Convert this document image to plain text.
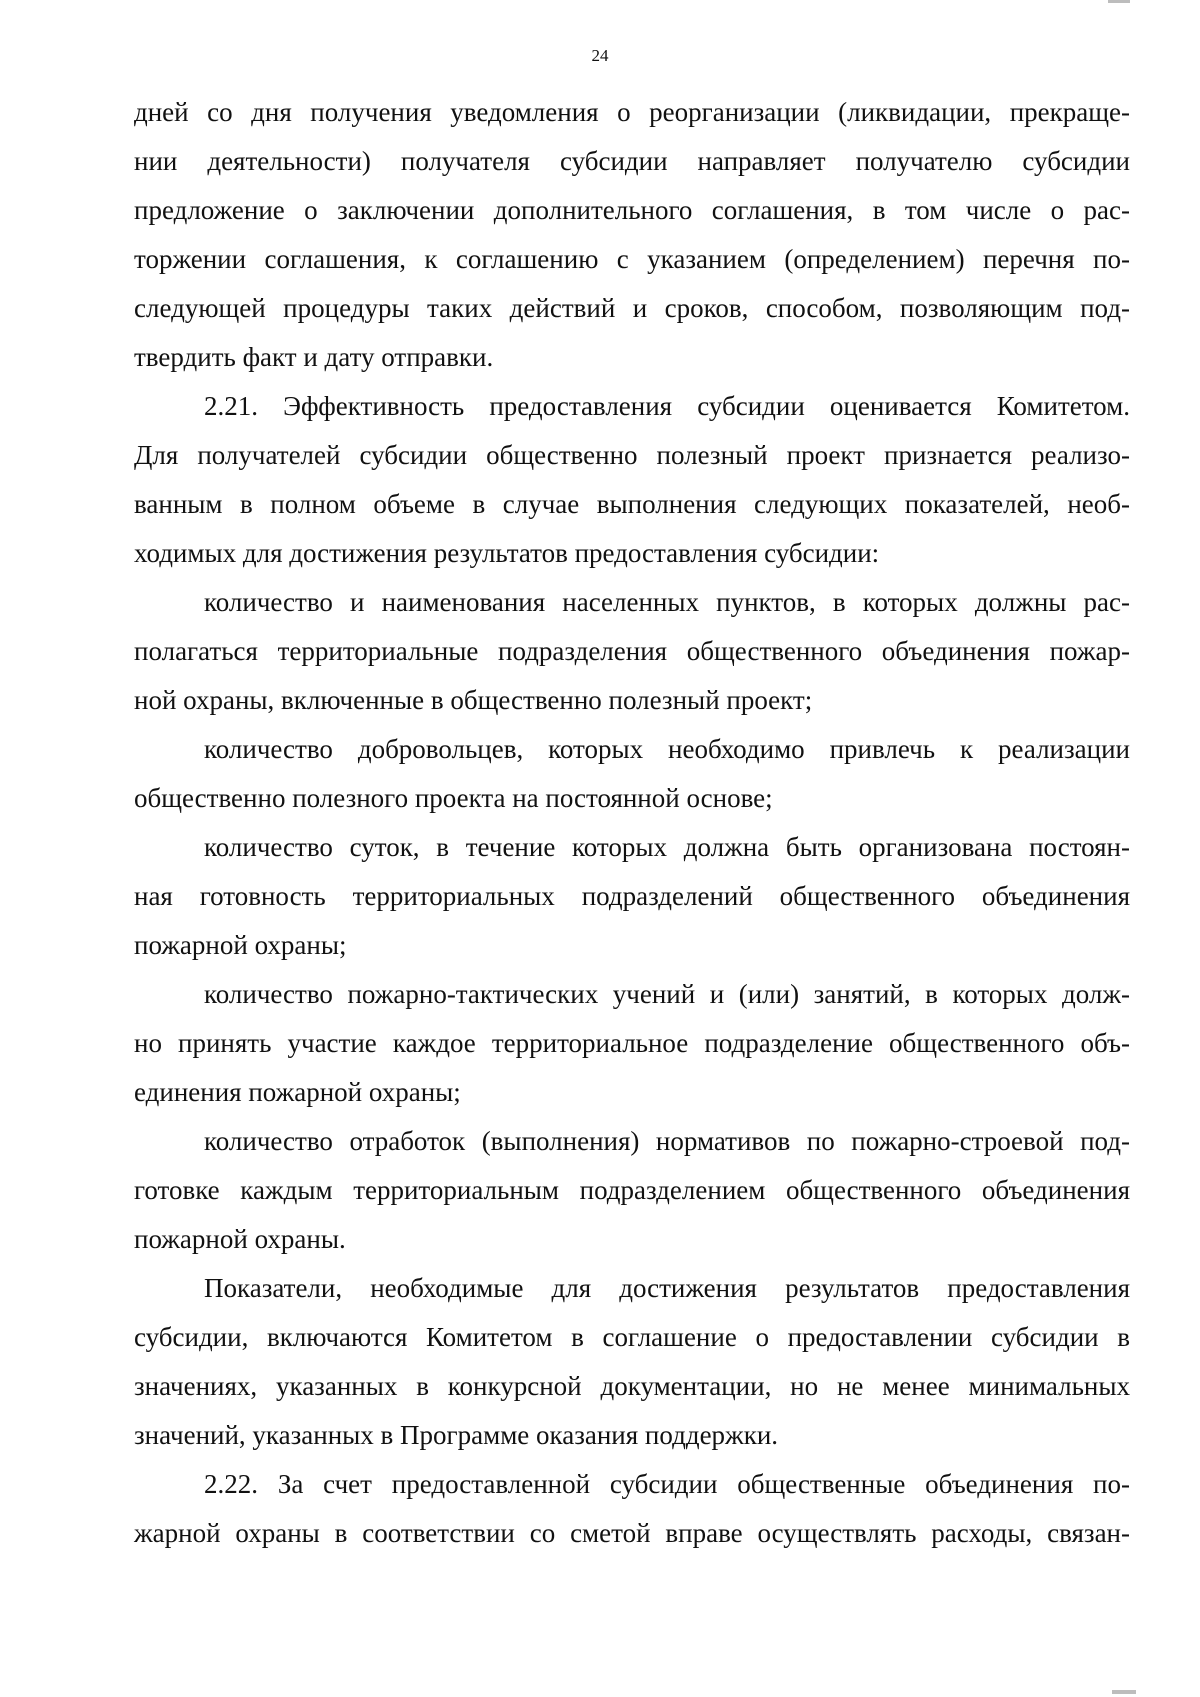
24
дней со дня получения уведомления о реорганизации (ликвидации, прекраще-
нии деятельности) получателя субсидии направляет получателю субсидии
предложение о заключении дополнительного соглашения, в том числе о рас-
торжении соглашения, к соглашению с указанием (определением) перечня по-
следующей процедуры таких действий и сроков, способом, позволяющим под-
твердить факт и дату отправки.
2.21. Эффективность предоставления субсидии оценивается Комитетом.
Для получателей субсидии общественно полезный проект признается реализо-
ванным в полном объеме в случае выполнения следующих показателей, необ-
ходимых для достижения результатов предоставления субсидии:
количество и наименования населенных пунктов, в которых должны рас-
полагаться территориальные подразделения общественного объединения пожар-
ной охраны, включенные в общественно полезный проект;
количество добровольцев, которых необходимо привлечь к реализации
общественно полезного проекта на постоянной основе;
количество суток, в течение которых должна быть организована постоян-
ная готовность территориальных подразделений общественного объединения
пожарной охраны;
количество пожарно-тактических учений и (или) занятий, в которых долж-
но принять участие каждое территориальное подразделение общественного объ-
единения пожарной охраны;
количество отработок (выполнения) нормативов по пожарно-строевой под-
готовке каждым территориальным подразделением общественного объединения
пожарной охраны.
Показатели, необходимые для достижения результатов предоставления
субсидии, включаются Комитетом в соглашение о предоставлении субсидии в
значениях, указанных в конкурсной документации, но не менее минимальных
значений, указанных в Программе оказания поддержки.
2.22. За счет предоставленной субсидии общественные объединения по-
жарной охраны в соответствии со сметой вправе осуществлять расходы, связан-
